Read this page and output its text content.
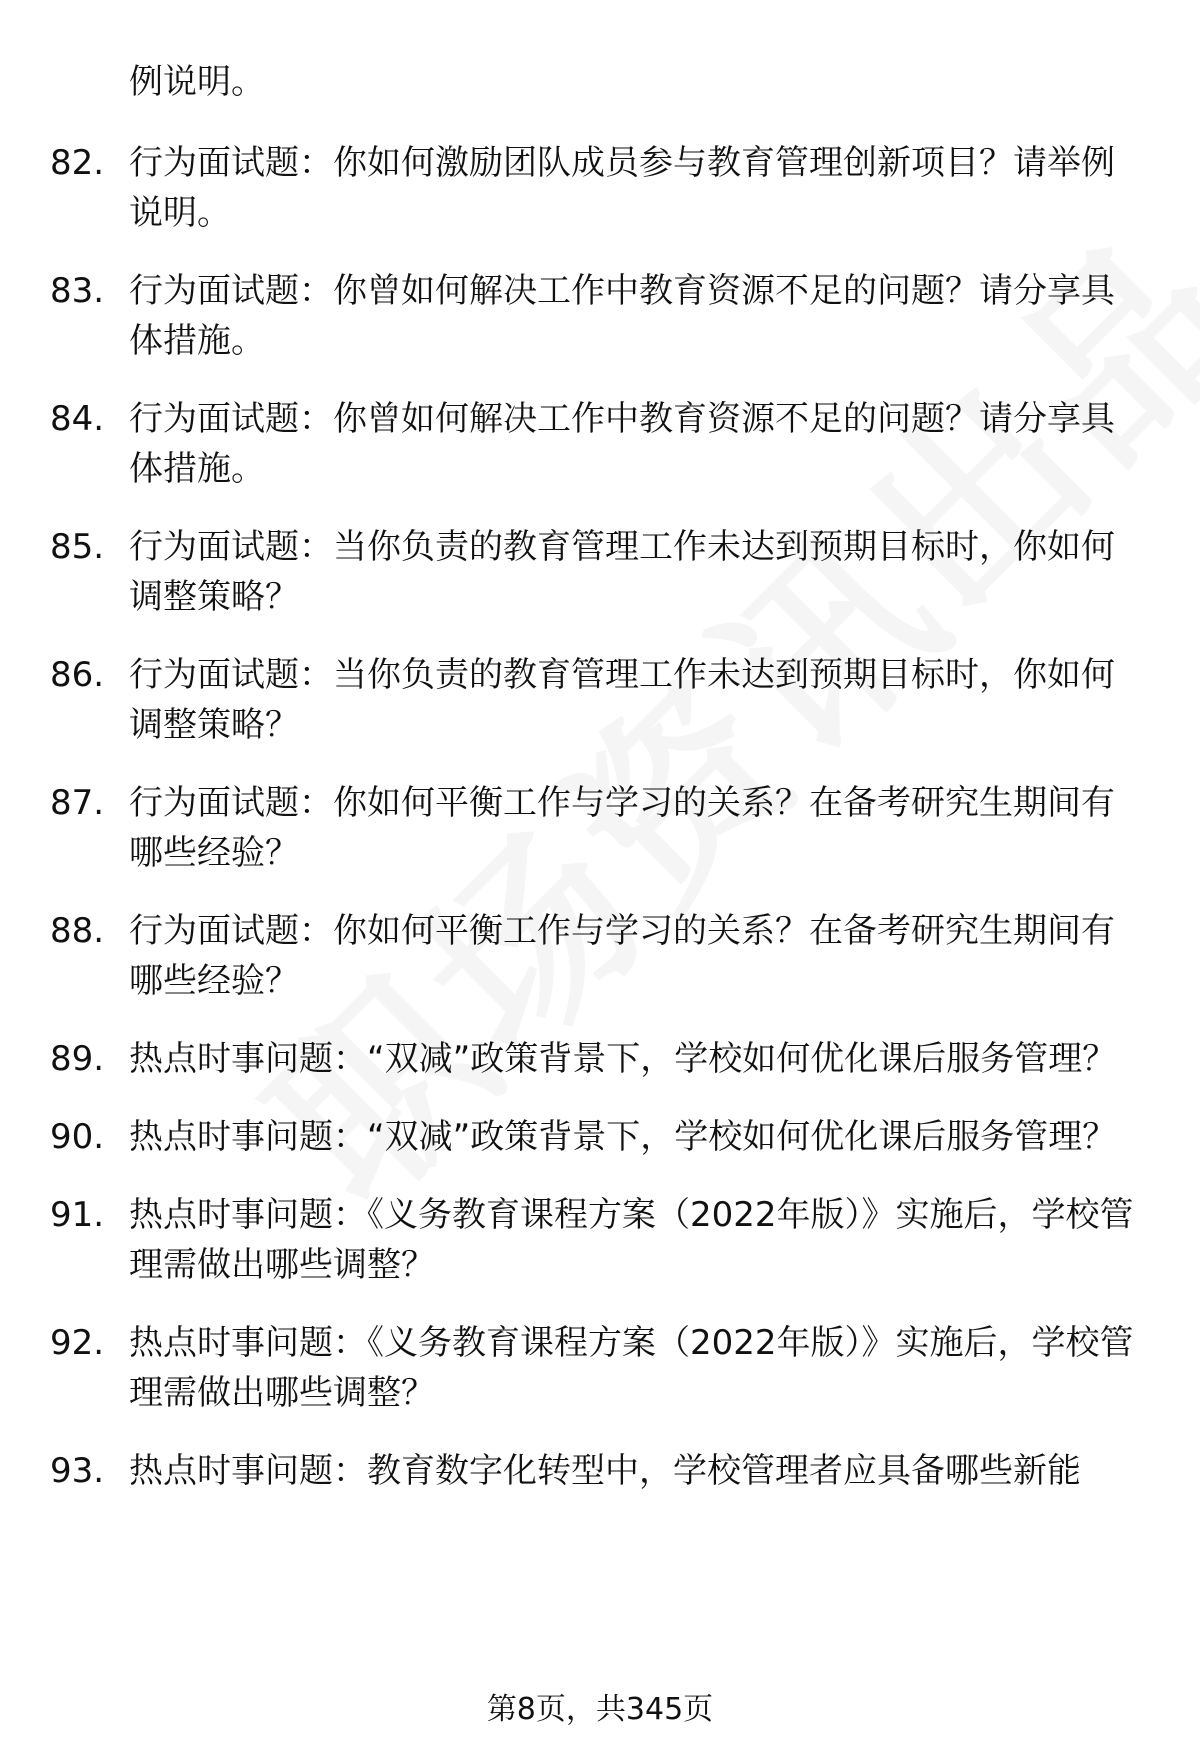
例说明。
82. 行为面试题：你如何激励团队成员参与教育管理创新项目？请举例说明。
83. 行为面试题：你曾如何解决工作中教育资源不足的问题？请分享具体措施。
84. 行为面试题：你曾如何解决工作中教育资源不足的问题？请分享具体措施。
85. 行为面试题：当你负责的教育管理工作未达到预期目标时，你如何调整策略？
86. 行为面试题：当你负责的教育管理工作未达到预期目标时，你如何调整策略？
87. 行为面试题：你如何平衡工作与学习的关系？在备考研究生期间有哪些经验？
88. 行为面试题：你如何平衡工作与学习的关系？在备考研究生期间有哪些经验？
89. 热点时事问题：“双减”政策背景下，学校如何优化课后服务管理？
90. 热点时事问题：“双减”政策背景下，学校如何优化课后服务管理？
91. 热点时事问题：《义务教育课程方案（2022年版）》实施后，学校管理需做出哪些调整？
92. 热点时事问题：《义务教育课程方案（2022年版）》实施后，学校管理需做出哪些调整？
93. 热点时事问题：教育数字化转型中，学校管理者应具备哪些新能
第8页，共345页
